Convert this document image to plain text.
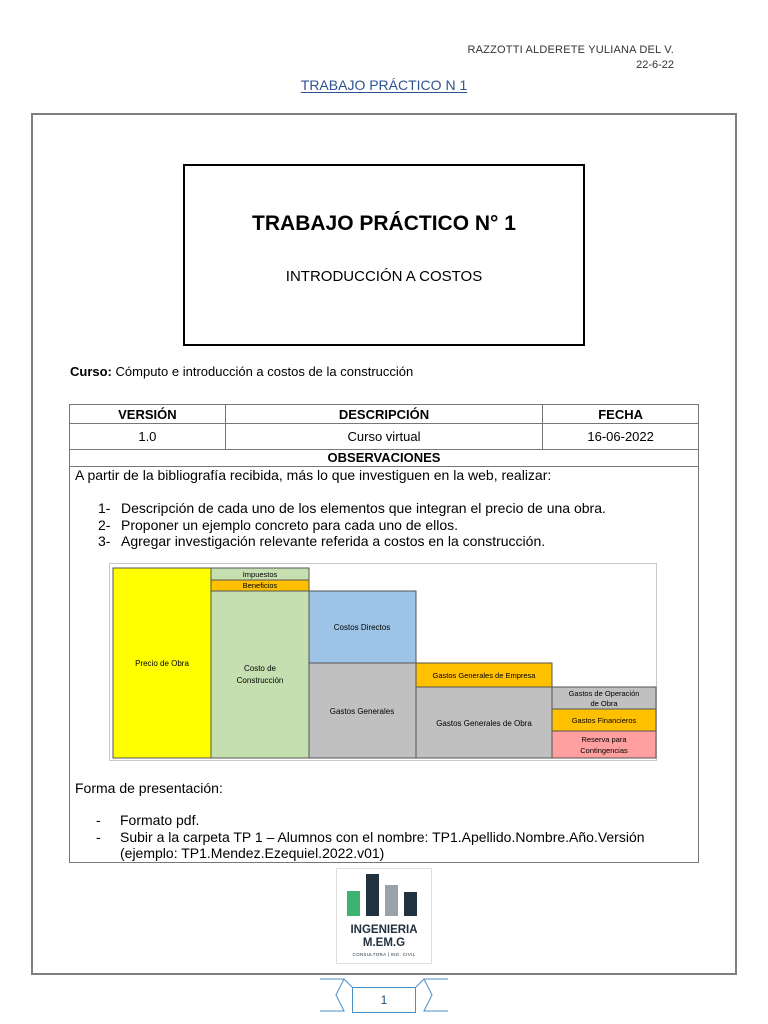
RAZZOTTI ALDERETE YULIANA DEL V.
22-6-22
TRABAJO PRÁCTICO N 1
TRABAJO PRÁCTICO N° 1
INTRODUCCIÓN A COSTOS
Curso: Cómputo e introducción a costos de la construcción
VERSIÓN	DESCRIPCIÓN	FECHA
1.0	Curso virtual	16-06-2022
OBSERVACIONES
A partir de la bibliografía recibida, más lo que investiguen en la web, realizar:
1- Descripción de cada uno de los elementos que integran el precio de una obra.
2- Proponer un ejemplo concreto para cada uno de ellos.
3- Agregar investigación relevante referida a costos en la construcción.
Precio de Obra
Impuestos
Beneficios
Costo de
Construcción
Costos Directos
Gastos Generales
Gastos Generales de Empresa
Gastos Generales de Obra
Gastos de Operación
de Obra
Gastos Financieros
Reserva para
Contingencias
Forma de presentación:
- Formato pdf.
- Subir a la carpeta TP 1 – Alumnos con el nombre: TP1.Apellido.Nombre.Año.Versión
(ejemplo: TP1.Mendez.Ezequiel.2022.v01)
INGENIERIA
M.EM.G
CONSULTORA | ING. CIVIL
1
